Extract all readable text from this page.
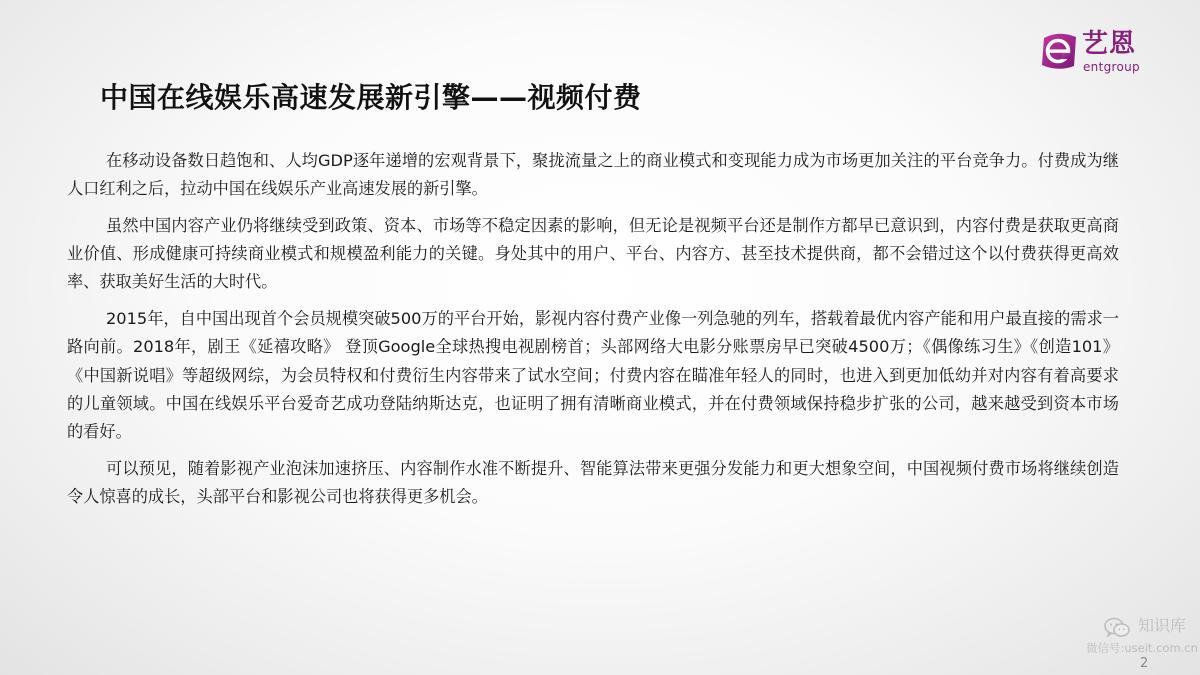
艺恩
entgroup
中国在线娱乐高速发展新引擎——视频付费

在移动设备数日趋饱和、人均GDP逐年递增的宏观背景下，聚拢流量之上的商业模式和变现能力成为市场更加关注的平台竞争力。付费成为继人口红利之后，拉动中国在线娱乐产业高速发展的新引擎。

虽然中国内容产业仍将继续受到政策、资本、市场等不稳定因素的影响，但无论是视频平台还是制作方都早已意识到，内容付费是获取更高商业价值、形成健康可持续商业模式和规模盈利能力的关键。身处其中的用户、平台、内容方、甚至技术提供商，都不会错过这个以付费获得更高效率、获取美好生活的大时代。

2015年，自中国出现首个会员规模突破500万的平台开始，影视内容付费产业像一列急驰的列车，搭载着最优内容产能和用户最直接的需求一路向前。2018年，剧王《延禧攻略》 登顶Google全球热搜电视剧榜首；头部网络大电影分账票房早已突破4500万；《偶像练习生》《创造101》《中国新说唱》等超级网综，为会员特权和付费衍生内容带来了试水空间；付费内容在瞄准年轻人的同时，也进入到更加低幼并对内容有着高要求的儿童领域。中国在线娱乐平台爱奇艺成功登陆纳斯达克，也证明了拥有清晰商业模式，并在付费领域保持稳步扩张的公司，越来越受到资本市场的看好。

可以预见，随着影视产业泡沫加速挤压、内容制作水准不断提升、智能算法带来更强分发能力和更大想象空间，中国视频付费市场将继续创造令人惊喜的成长，头部平台和影视公司也将获得更多机会。

知识库
微信号:useit.com.cn
2
